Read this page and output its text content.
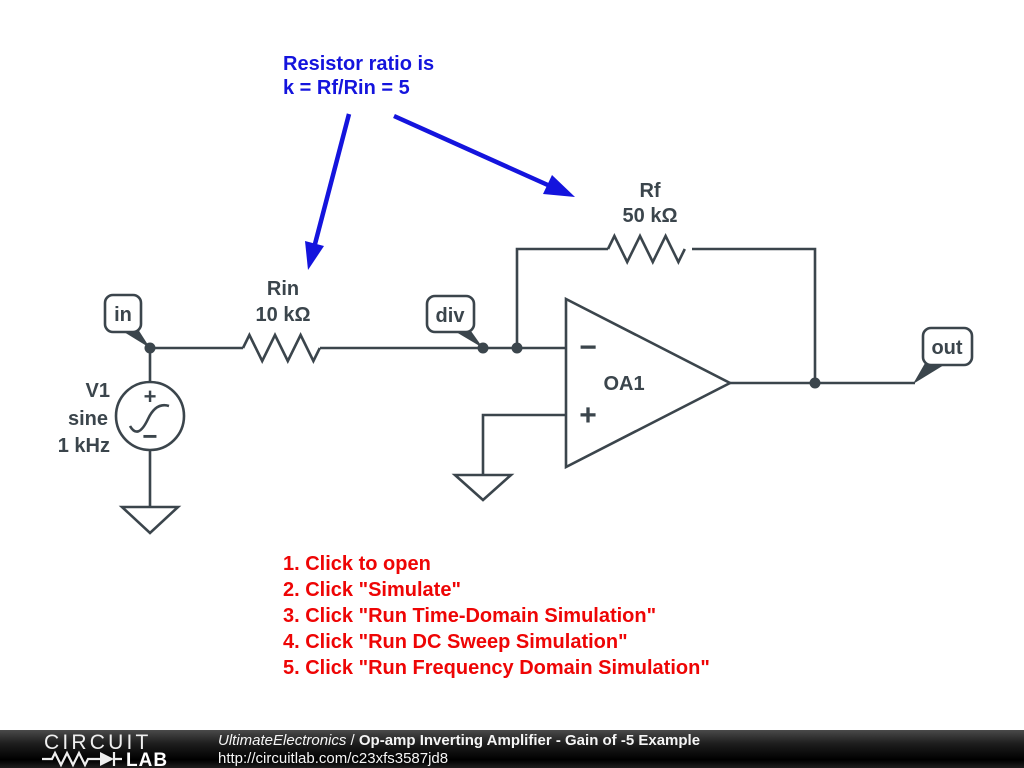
Rin
10 kΩ
Rf
50 kΩ
+
−
V1
sine
1 kHz
−
+
OA1
in	div
out
Resistor ratio is
k = Rf/Rin = 5
1. Click to open
2. Click "Simulate"
3. Click "Run Time-Domain Simulation"
4. Click "Run DC Sweep Simulation"
5. Click "Run Frequency Domain Simulation"
CIRCUIT
LAB
UltimateElectronics / Op-amp Inverting Amplifier - Gain of -5 Example
http://circuitlab.com/c23xfs3587jd8
